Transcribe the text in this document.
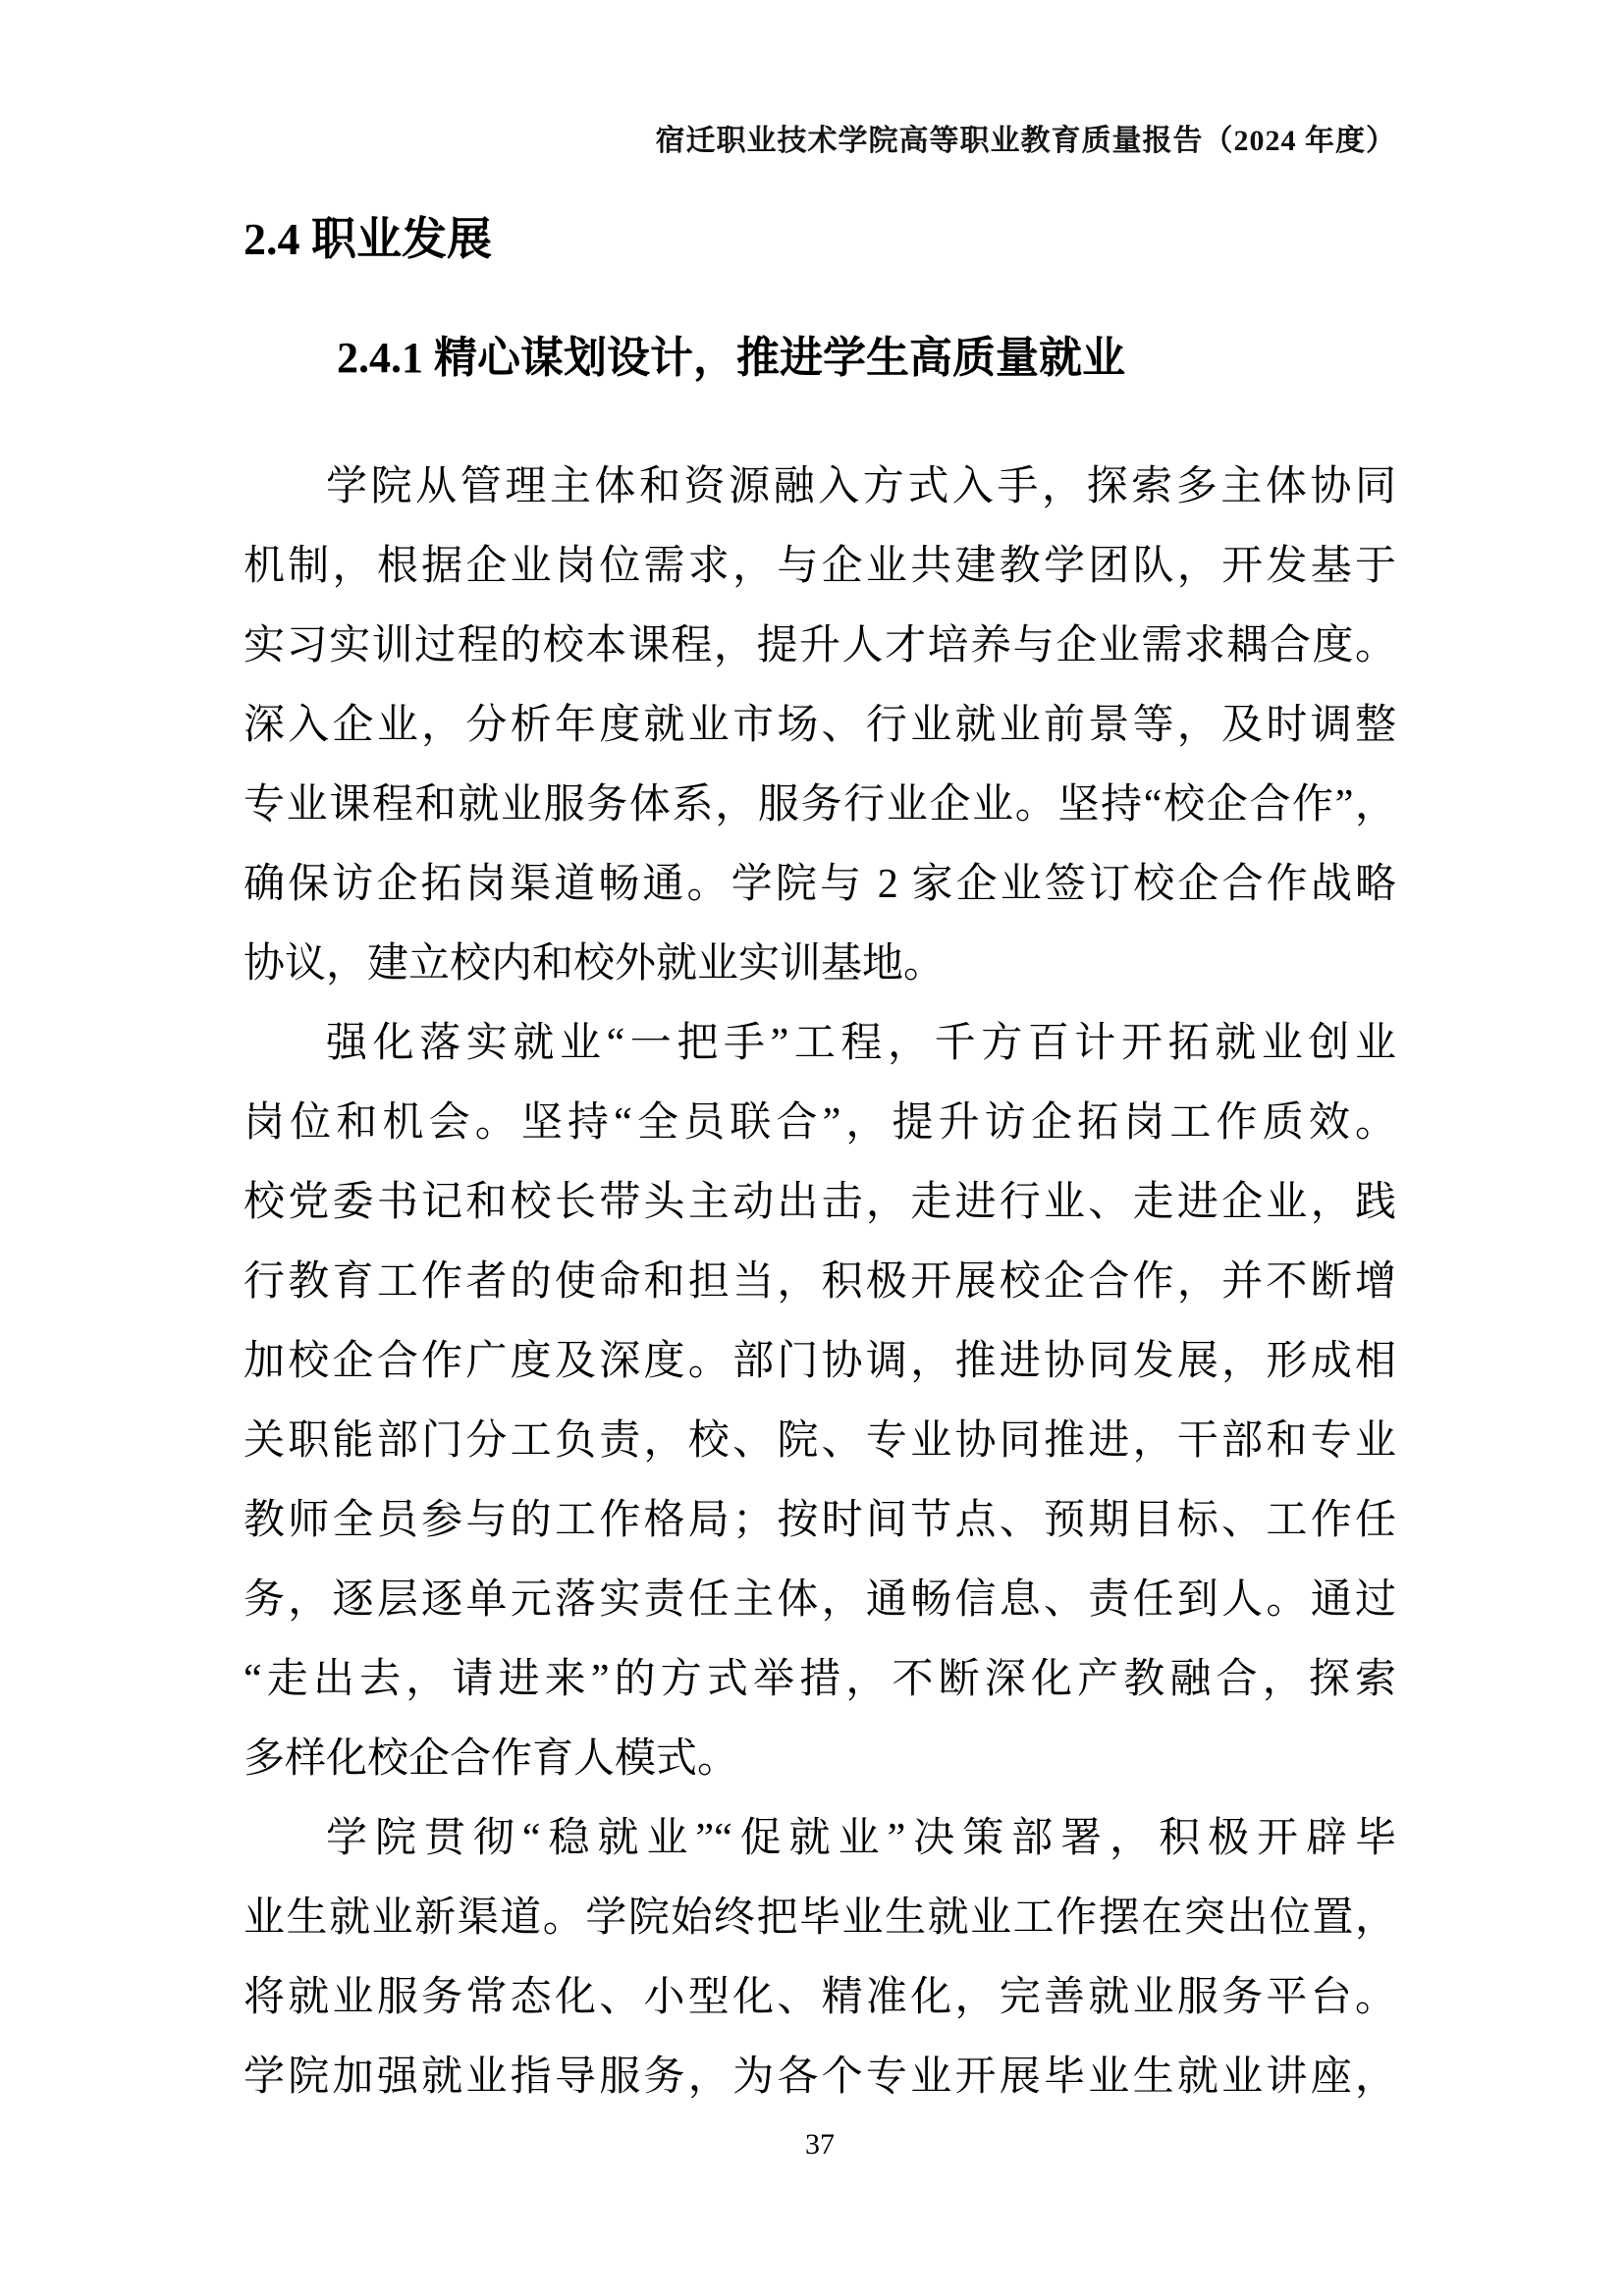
宿迁职业技术学院高等职业教育质量报告（2024 年度）
2.4 职业发展
2.4.1 精心谋划设计，推进学生高质量就业
学院从管理主体和资源融入方式入手，探索多主体协同
机制，根据企业岗位需求，与企业共建教学团队，开发基于
实习实训过程的校本课程，提升人才培养与企业需求耦合度。
深入企业，分析年度就业市场、行业就业前景等，及时调整
专业课程和就业服务体系，服务行业企业。坚持“校企合作”，
确保访企拓岗渠道畅通。学院与 2 家企业签订校企合作战略
协议，建立校内和校外就业实训基地。
强化落实就业“一把手”工程，千方百计开拓就业创业
岗位和机会。坚持“全员联合”，提升访企拓岗工作质效。
校党委书记和校长带头主动出击，走进行业、走进企业，践
行教育工作者的使命和担当，积极开展校企合作，并不断增
加校企合作广度及深度。部门协调，推进协同发展，形成相
关职能部门分工负责，校、院、专业协同推进，干部和专业
教师全员参与的工作格局；按时间节点、预期目标、工作任
务，逐层逐单元落实责任主体，通畅信息、责任到人。通过
“走出去，请进来”的方式举措，不断深化产教融合，探索
多样化校企合作育人模式。
学院贯彻“稳就业”“促就业”决策部署，积极开辟毕
业生就业新渠道。学院始终把毕业生就业工作摆在突出位置，
将就业服务常态化、小型化、精准化，完善就业服务平台。
学院加强就业指导服务，为各个专业开展毕业生就业讲座，
37
